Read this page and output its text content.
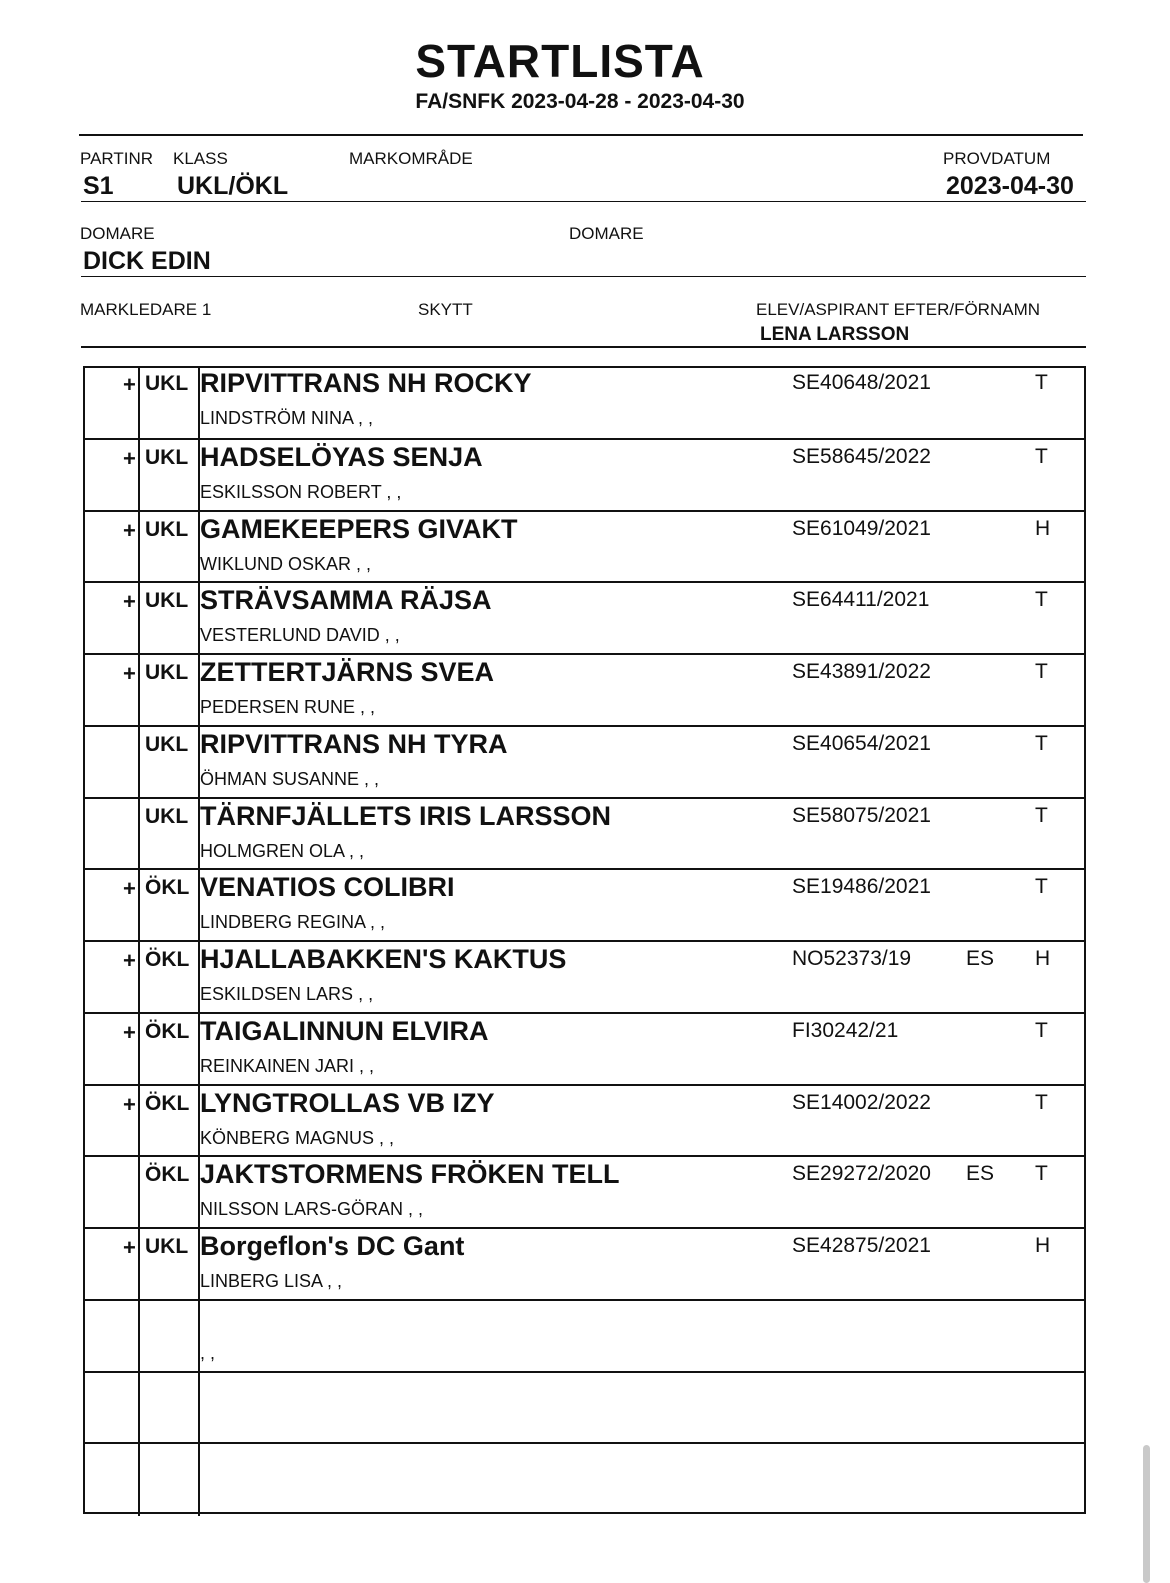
STARTLISTA
FA/SNFK 2023-04-28 - 2023-04-30
PARTINR KLASS	MARKOMRÅDE	PROVDATUM
S1	UKL/ÖKL	2023-04-30
DOMARE	DOMARE
DICK EDIN
MARKLEDARE 1	SKYTT	ELEV/ASPIRANT EFTER/FÖRNAMN
LENA LARSSON
+ UKL RIPVITTRANS NH ROCKY	SE40648/2021	T
LINDSTRÖM NINA , ,
+ UKL HADSELÖYAS SENJA	SE58645/2022	T
ESKILSSON ROBERT , ,
+ UKL GAMEKEEPERS GIVAKT	SE61049/2021	H
WIKLUND OSKAR , ,
+ UKL STRÄVSAMMA RÄJSA	SE64411/2021	T
VESTERLUND DAVID , ,
+ UKL ZETTERTJÄRNS SVEA	SE43891/2022	T
PEDERSEN RUNE , ,
UKL RIPVITTRANS NH TYRA	SE40654/2021	T
ÖHMAN SUSANNE , ,
UKL TÄRNFJÄLLETS IRIS LARSSON	SE58075/2021	T
HOLMGREN OLA , ,
+ ÖKL VENATIOS COLIBRI	SE19486/2021	T
LINDBERG REGINA , ,
+ ÖKL HJALLABAKKEN'S KAKTUS	NO52373/19	ES H
ESKILDSEN LARS , ,
+ ÖKL TAIGALINNUN ELVIRA	FI30242/21	T
REINKAINEN JARI , ,
+ ÖKL LYNGTROLLAS VB IZY	SE14002/2022	T
KÖNBERG MAGNUS , ,
ÖKL JAKTSTORMENS FRÖKEN TELL	SE29272/2020 ES T
NILSSON LARS-GÖRAN , ,
+ UKL Borgeflon's DC Gant	SE42875/2021	H
LINBERG LISA , ,
, ,
